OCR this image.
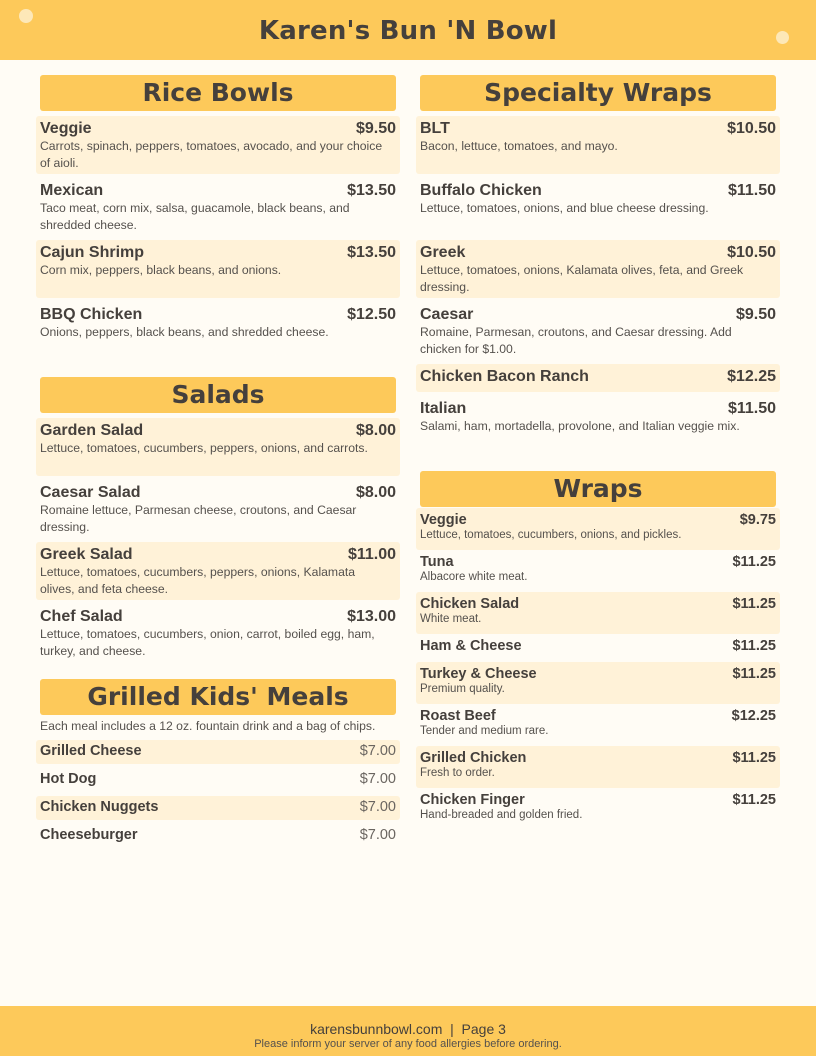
Karen's Bun 'N Bowl
Rice Bowls
Veggie	$9.50
Carrots, spinach, peppers, tomatoes, avocado, and your choice of aioli.
Mexican	$13.50
Taco meat, corn mix, salsa, guacamole, black beans, and shredded cheese.
Cajun Shrimp	$13.50
Corn mix, peppers, black beans, and onions.
BBQ Chicken	$12.50
Onions, peppers, black beans, and shredded cheese.
Salads
Garden Salad	$8.00
Lettuce, tomatoes, cucumbers, peppers, onions, and carrots.
Caesar Salad	$8.00
Romaine lettuce, Parmesan cheese, croutons, and Caesar dressing.
Greek Salad	$11.00
Lettuce, tomatoes, cucumbers, peppers, onions, Kalamata olives, and feta cheese.
Chef Salad	$13.00
Lettuce, tomatoes, cucumbers, onion, carrot, boiled egg, ham, turkey, and cheese.
Grilled Kids' Meals
Each meal includes a 12 oz. fountain drink and a bag of chips.
Grilled Cheese	$7.00
Hot Dog	$7.00
Chicken Nuggets	$7.00
Cheeseburger	$7.00
Specialty Wraps
BLT	$10.50
Bacon, lettuce, tomatoes, and mayo.
Buffalo Chicken	$11.50
Lettuce, tomatoes, onions, and blue cheese dressing.
Greek	$10.50
Lettuce, tomatoes, onions, Kalamata olives, feta, and Greek dressing.
Caesar	$9.50
Romaine, Parmesan, croutons, and Caesar dressing. Add chicken for $1.00.
Chicken Bacon Ranch	$12.25
Italian	$11.50
Salami, ham, mortadella, provolone, and Italian veggie mix.
Wraps
Veggie	$9.75
Lettuce, tomatoes, cucumbers, onions, and pickles.
Tuna	$11.25
Albacore white meat.
Chicken Salad	$11.25
White meat.
Ham & Cheese	$11.25
Turkey & Cheese	$11.25
Premium quality.
Roast Beef	$12.25
Tender and medium rare.
Grilled Chicken	$11.25
Fresh to order.
Chicken Finger	$11.25
Hand-breaded and golden fried.
karensbunnbowl.com  |  Page 3
Please inform your server of any food allergies before ordering.
